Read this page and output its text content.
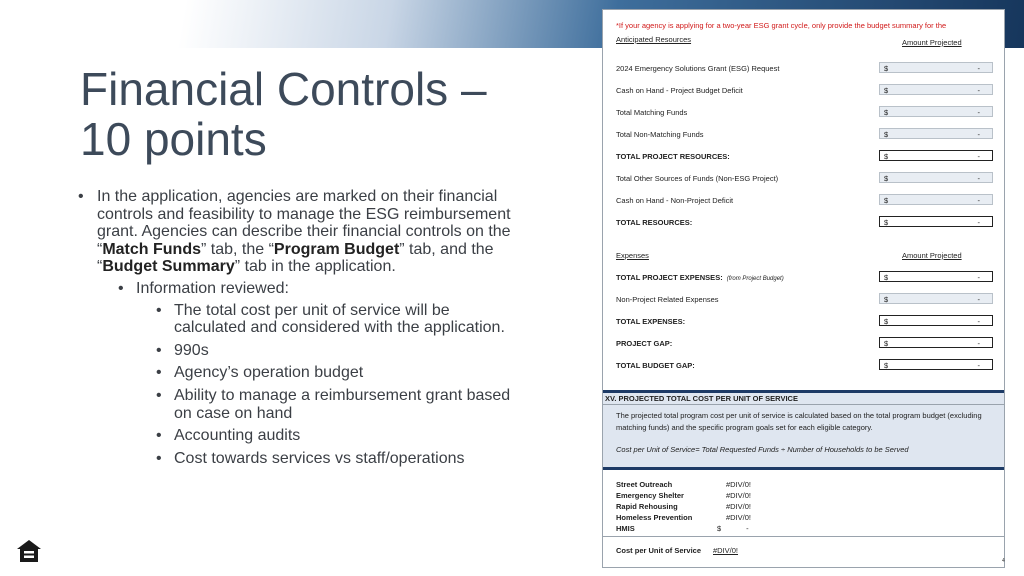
Financial Controls –
10 points
• In the application, agencies are marked on their financial controls and feasibility to manage the ESG reimbursement grant. Agencies can describe their financial controls on the “Match Funds” tab, the “Program Budget” tab, and the “Budget Summary” tab in the application.
• Information reviewed:
• The total cost per unit of service will be calculated and considered with the application.
• 990s
• Agency’s operation budget
• Ability to manage a reimbursement grant based on case on hand
• Accounting audits
• Cost towards services vs staff/operations
*If your agency is applying for a two-year ESG grant cycle, only provide the budget summary for the
Anticipated Resources	Amount Projected
2024 Emergency Solutions Grant (ESG) Request	$	-
Cash on Hand - Project Budget Deficit	$	-
Total Matching Funds	$	-
Total Non-Matching Funds	$	-
TOTAL PROJECT RESOURCES:	$	-
Total Other Sources of Funds (Non-ESG Project)	$	-
Cash on Hand - Non-Project Deficit	$	-
TOTAL RESOURCES:	$	-
Expenses	Amount Projected
TOTAL PROJECT EXPENSES: (from Project Budget)	$	-
Non-Project Related Expenses	$	-
TOTAL EXPENSES:	$	-
PROJECT GAP:	$	-
TOTAL BUDGET GAP:	$	-
XV. PROJECTED TOTAL COST PER UNIT OF SERVICE

The projected total program cost per unit of service is calculated based on the total program budget (excluding matching funds) and the specific program goals set for each eligible category.

Cost per Unit of Service= Total Requested Funds ÷ Number of Households to be Served

Street Outreach	#DIV/0!
Emergency Shelter	#DIV/0!
Rapid Rehousing	#DIV/0!
Homeless Prevention	#DIV/0!
HMIS	$            -
Cost per Unit of Service #DIV/0!
4
